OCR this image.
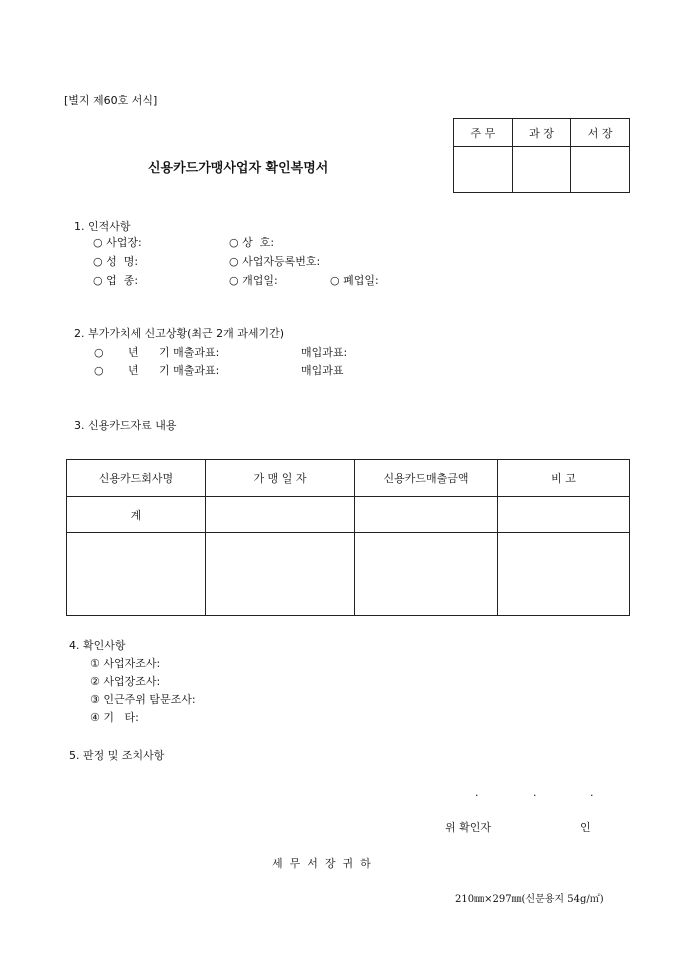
[별지 제60호 서식]
주 무	과 장	서 장

신용카드가맹사업자 확인복명서
1. 인적사항
○ 사업장:	○ 상  호:
○ 성  명:	○ 사업자등록번호:
○ 업  종:	○ 개업일:	○ 폐업일:
2. 부가가치세 신고상황(최근 2개 과세기간)
○ 년 기 매출과표:	매입과표:
○ 년 기 매출과표:	매입과표
3. 신용카드자료 내용
신용카드회사명	가 맹 일 자	신용카드매출금액	비 고
계			

4. 확인사항
① 사업자조사:
② 사업장조사:
③ 인근주위 탐문조사:
④ 기   타:
5. 판정 및 조치사항
.	.	.
위 확인자	인
세  무  서  장  귀  하
210㎜×297㎜(신문용지 54g/㎡)
